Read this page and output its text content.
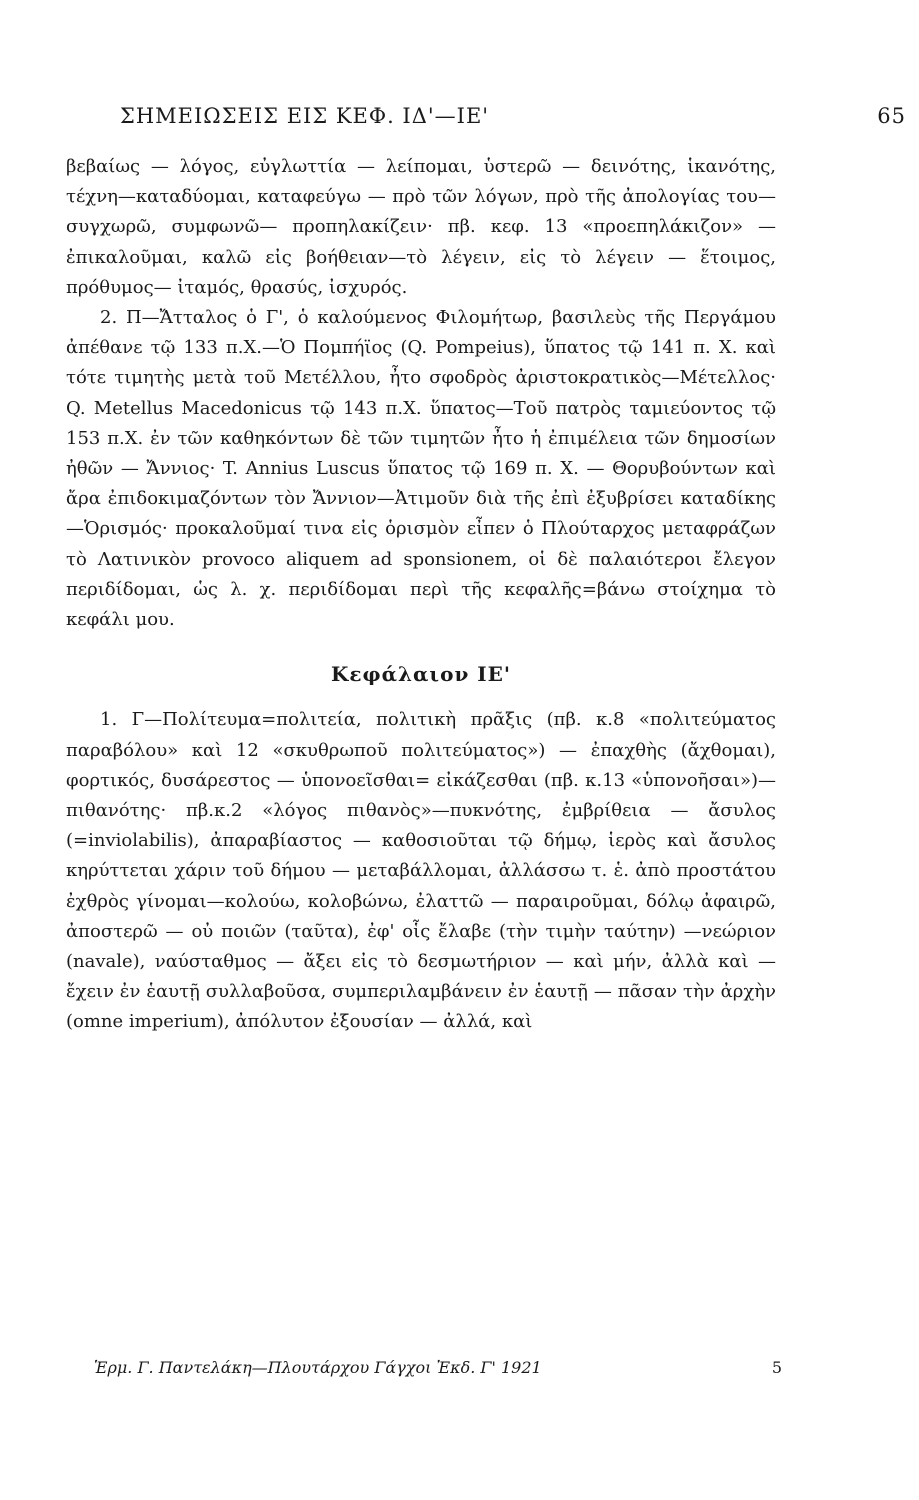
ΣΗΜΕΙΩΣΕΙΣ ΕΙΣ ΚΕΦ. ΙΔ'—ΙΕ'	65

βεβαίως — λόγος, εὐγλωττία — λείπομαι, ὑστερῶ — δεινότης, ἱκανότης, τέχνη—καταδύομαι, καταφεύγω — πρὸ τῶν λόγων, πρὸ τῆς ἀπολογίας του—συγχωρῶ, συμφωνῶ— προπηλακίζειν· πβ. κεφ. 13 «προεπηλάκιζον» — ἐπικαλοῦμαι, καλῶ εἰς βοήθειαν—τὸ λέγειν, εἰς τὸ λέγειν — ἕτοιμος, πρόθυμος— ἰταμός, θρασύς, ἰσχυρός.

2. Π—Ἄτταλος ὁ Γ', ὁ καλούμενος Φιλομήτωρ, βασιλεὺς τῆς Περγάμου ἀπέθανε τῷ 133 π.Χ.—Ὁ Πομπήϊος (Q. Pompeius), ὕπατος τῷ 141 π. Χ. καὶ τότε τιμητὴς μετὰ τοῦ Μετέλλου, ἦτο σφοδρὸς ἀριστοκρατικὸς—Μέτελλος· Q. Metellus Macedonicus τῷ 143 π.Χ. ὕπατος—Τοῦ πατρὸς ταμιεύοντος τῷ 153 π.Χ. ἐν τῶν καθηκόντων δὲ τῶν τιμητῶν ἦτο ἡ ἐπιμέλεια τῶν δημοσίων ἠθῶν — Ἄννιος· T. Annius Luscus ὕπατος τῷ 169 π. Χ. — Θορυβούντων καὶ ἄρα ἐπιδοκιμαζόντων τὸν Ἄννιον—Ἀτιμοῦν διὰ τῆς ἐπὶ ἐξυβρίσει καταδίκης—Ὁρισμός· προκαλοῦμαί τινα εἰς ὁρισμὸν εἶπεν ὁ Πλούταρχος μεταφράζων τὸ Λατινικὸν provoco aliquem ad sponsionem, οἱ δὲ παλαιότεροι ἔλεγον περιδίδομαι, ὡς λ. χ. περιδίδομαι περὶ τῆς κεφαλῆς=βάνω στοίχημα τὸ κεφάλι μου.

Κεφάλαιον ΙΕ'

1. Γ—Πολίτευμα=πολιτεία, πολιτικὴ πρᾶξις (πβ. κ.8 «πολιτεύματος παραβόλου» καὶ 12 «σκυθρωποῦ πολιτεύματος») — ἐπαχθὴς (ἄχθομαι), φορτικός, δυσάρεστος — ὑπονοεῖσθαι= εἰκάζεσθαι (πβ. κ.13 «ὑπονοῆσαι»)—πιθανότης· πβ.κ.2 «λόγος πιθανὸς»—πυκνότης, ἐμβρίθεια — ἄσυλος (=inviolabilis), ἀπαραβίαστος — καθοσιοῦται τῷ δήμῳ, ἱερὸς καὶ ἄσυλος κηρύττεται χάριν τοῦ δήμου — μεταβάλλομαι, ἀλλάσσω τ. ἑ. ἀπὸ προστάτου ἐχθρὸς γίνομαι—κολούω, κολοβώνω, ἐλαττῶ — παραιροῦμαι, δόλῳ ἀφαιρῶ, ἀποστερῶ — οὐ ποιῶν (ταῦτα), ἐφ' οἷς ἔλαβε (τὴν τιμὴν ταύτην) —νεώριον (navale), ναύσταθμος — ἄξει εἰς τὸ δεσμωτήριον — καὶ μήν, ἀλλὰ καὶ — ἔχειν ἐν ἑαυτῇ συλλαβοῦσα, συμπεριλαμβάνειν ἐν ἑαυτῇ — πᾶσαν τὴν ἀρχὴν (omne imperium), ἀπόλυτον ἐξουσίαν — ἀλλά, καὶ

Ἑρμ. Γ. Παντελάκη—Πλουτάρχου Γάγχοι Ἐκδ. Γ' 1921	5
